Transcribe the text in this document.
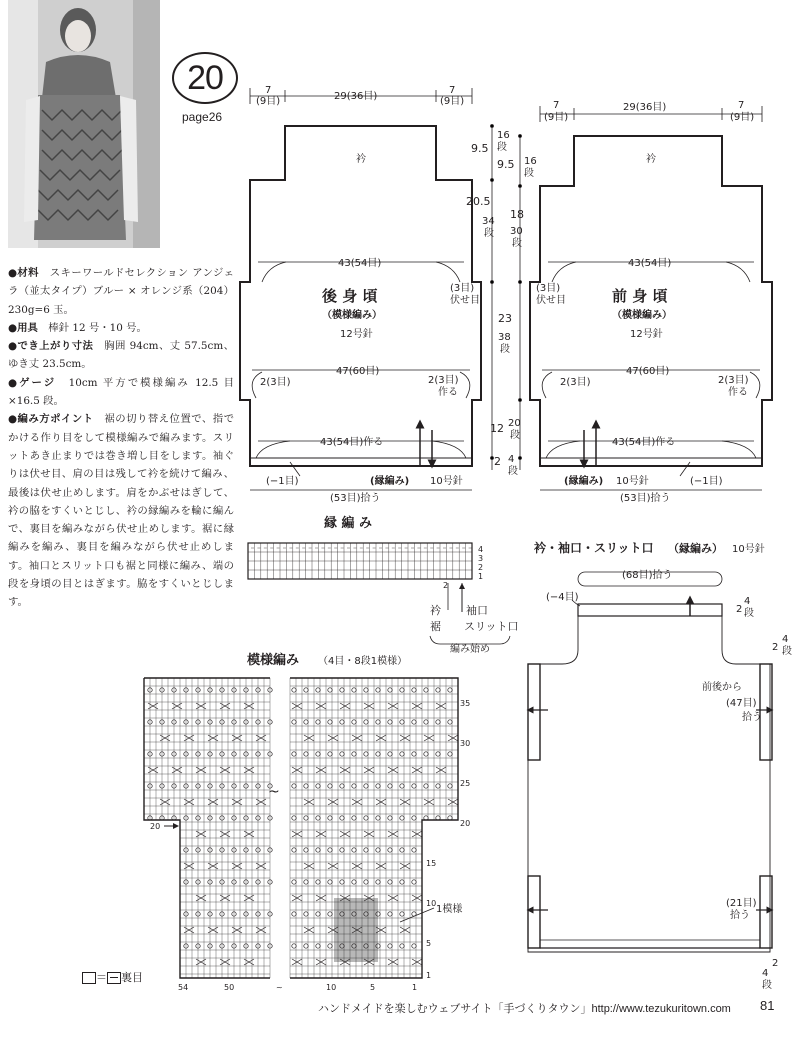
20
page26

●材料　 スキーワールドセレクション アンジェラ（並太タイプ）ブルー × オレンジ系（204）230g=6 玉。

●用具　 棒針 12 号・10 号。

●でき上がり寸法　 胸囲 94cm、丈 57.5cm、ゆき丈 23.5cm。

●ゲージ　 10cm 平方で模様編み 12.5 目 ×16.5 段。

●編み方ポイント　 裾の切り替え位置で、指でかける作り目をして模様編みで編みます。スリットあき止まりでは巻き増し目をします。袖ぐりは伏せ目、肩の目は残して衿を続けて編み、最後は伏せ止めします。肩をかぶせはぎして、衿の脇をすくいとじし、衿の縁編みを輪に編んで、裏目を編みながら伏せ止めします。裾に縁編みを編み、裏目を編みながら伏せ止めします。袖口とスリット口も裾と同様に編み、端の段を身頃の目とはぎます。脇をすくいとじします。

7
(9目)	29(36目)
7
(9目)
衿
43(54目)
後 身 頃
（模様編み）
12号針
(3目)
伏せ目
47(60目)
2(3目)	2(3目)
作る
43(54目)作る
(−1目)	(縁編み) 10号針
(53目)拾う
7
(9目)
29(36目)	7
(9目)
衿
43(54目)
前 身 頃
（模様編み）
12号針
(3目)
伏せ目
47(60目)
2(3目)	2(3目)
作る
43(54目)作る
(縁編み) 10号針	(−1目)
(53目)拾う
9.5
16
段
9.5 16
段
20.5
34
段
18
30
段
23
38
段
12 20
段
2 4
段
縁 編 み
4
3
2
1
2
衿
裾
袖口
スリット口
編み始め
衿・袖口・スリット口 （縁編み） 10号針
(68目)拾う
(−4目)
2
4
段
2
4
段
前後から
(47目)
拾う
(21目)
拾う
2
4
段
模様編み （4目・8段1模様）
~
35
30
25
20
15
10
5
1
20
54	50	~	10	5	1
1模様
＝ 裏目
ハンドメイドを楽しむウェブサイト「手づくりタウン」http://www.tezukuritown.com 81
